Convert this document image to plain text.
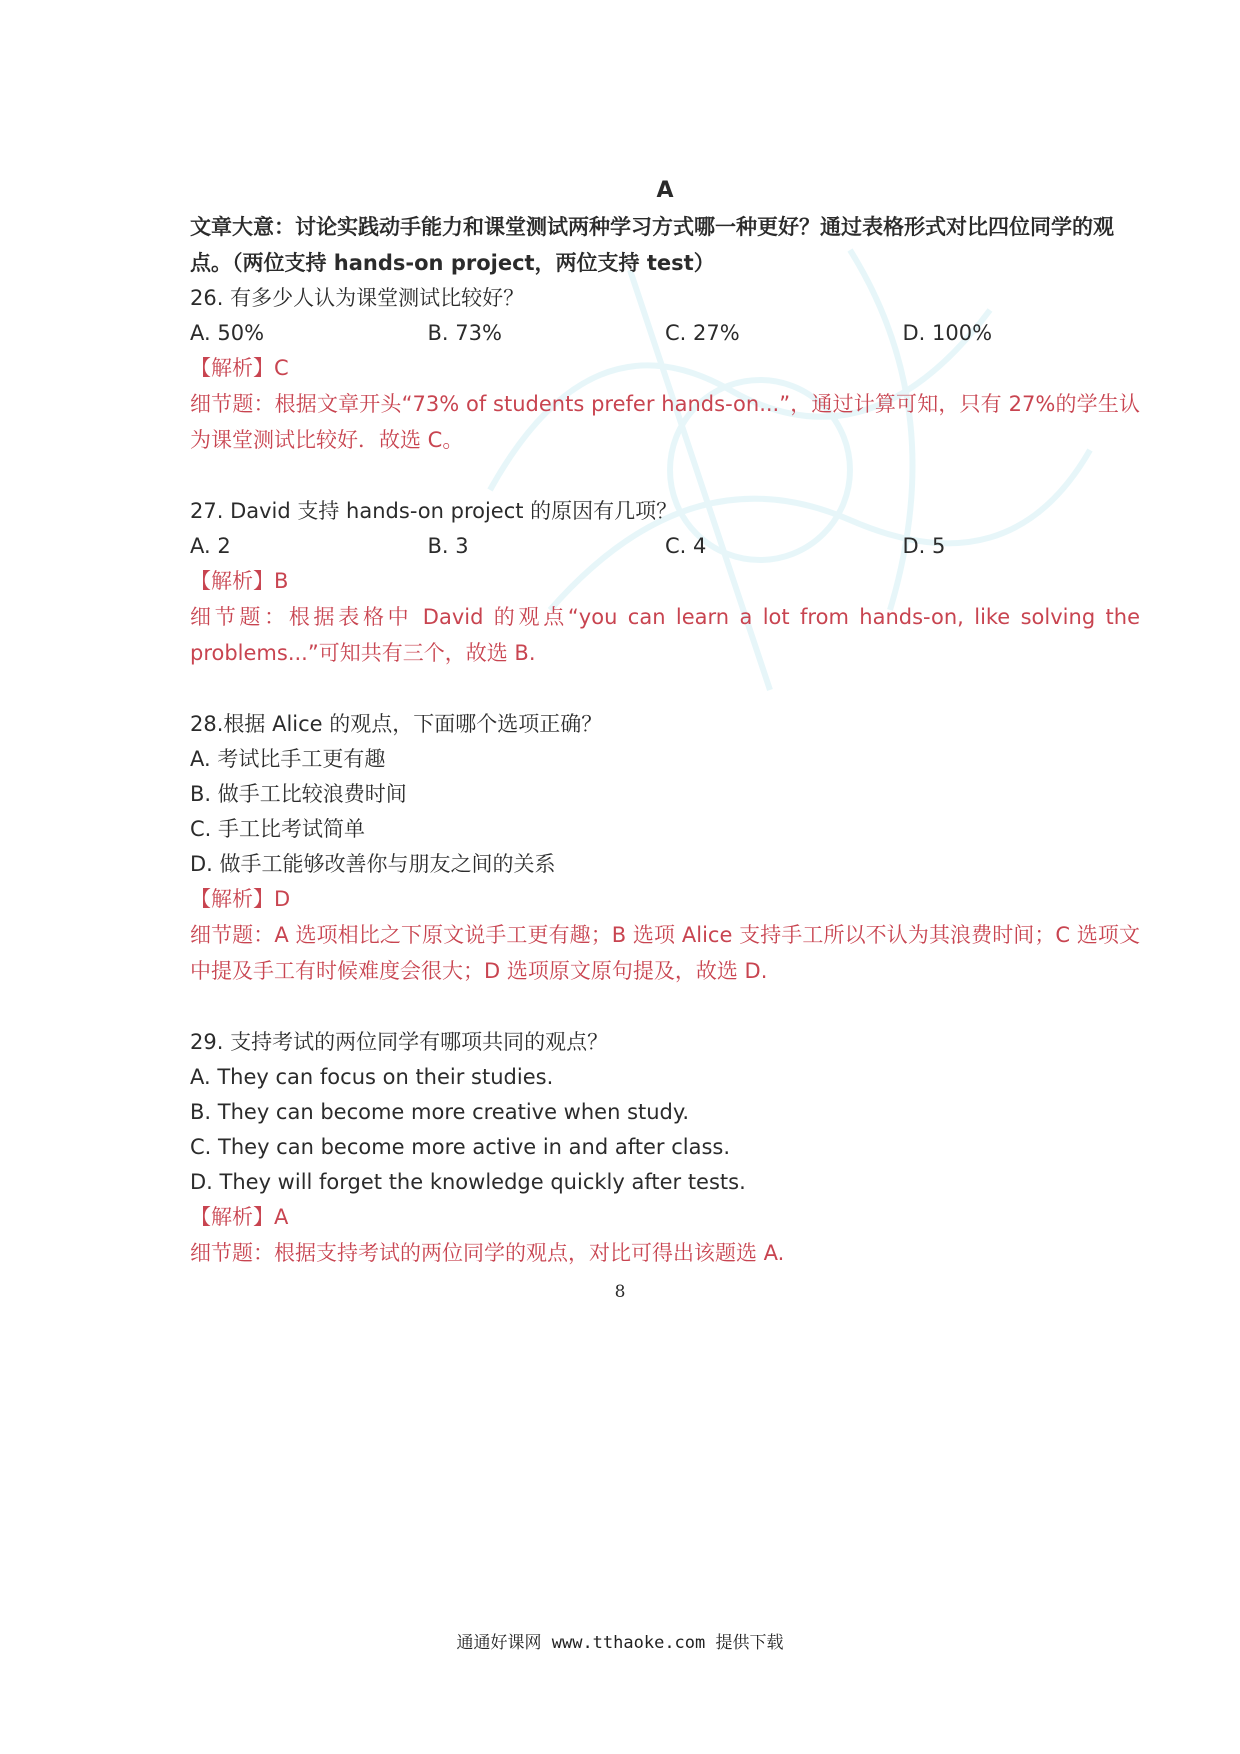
A

文章大意：讨论实践动手能力和课堂测试两种学习方式哪一种更好？通过表格形式对比四位同学的观点。（两位支持 hands-on project，两位支持 test）

26. 有多少人认为课堂测试比较好？

A. 50%	B. 73%	C. 27%	D. 100%

【解析】C

细节题：根据文章开头“73% of students prefer hands-on...”，通过计算可知，只有 27%的学生认为课堂测试比较好．故选 C。

27. David 支持 hands-on project 的原因有几项？

A. 2	B. 3	C. 4	D. 5

【解析】B

细节题：根据表格中 David 的观点“you can learn a lot from hands-on, like solving the problems...”可知共有三个，故选 B.

28.根据 Alice 的观点，下面哪个选项正确？

A. 考试比手工更有趣

B. 做手工比较浪费时间

C. 手工比考试简单

D. 做手工能够改善你与朋友之间的关系

【解析】D

细节题：A 选项相比之下原文说手工更有趣；B 选项 Alice 支持手工所以不认为其浪费时间；C 选项文中提及手工有时候难度会很大；D 选项原文原句提及，故选 D.

29. 支持考试的两位同学有哪项共同的观点？

A. They can focus on their studies.

B. They can become more creative when study.

C. They can become more active in and after class.

D. They will forget the knowledge quickly after tests.

【解析】A

细节题：根据支持考试的两位同学的观点，对比可得出该题选 A.

8
通通好课网 www.tthaoke.com 提供下载
